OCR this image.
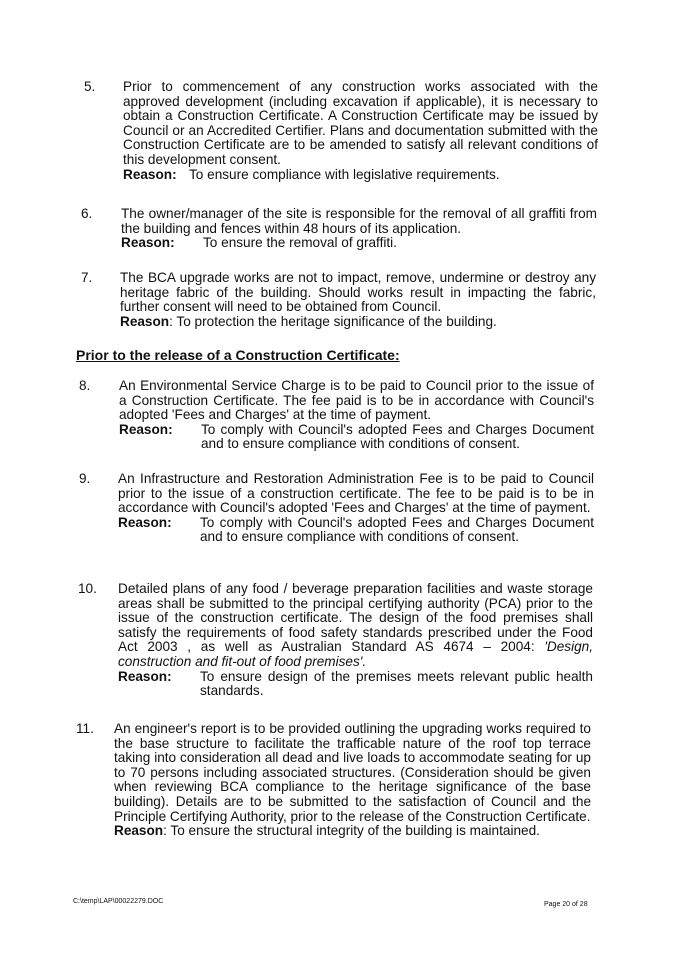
5. Prior to commencement of any construction works associated with the approved development (including excavation if applicable), it is necessary to obtain a Construction Certificate. A Construction Certificate may be issued by Council or an Accredited Certifier. Plans and documentation submitted with the Construction Certificate are to be amended to satisfy all relevant conditions of this development consent.
Reason: To ensure compliance with legislative requirements.
6. The owner/manager of the site is responsible for the removal of all graffiti from the building and fences within 48 hours of its application.
Reason:	To ensure the removal of graffiti.
7. The BCA upgrade works are not to impact, remove, undermine or destroy any heritage fabric of the building. Should works result in impacting the fabric, further consent will need to be obtained from Council.
Reason: To protection the heritage significance of the building.
Prior to the release of a Construction Certificate:
8. An Environmental Service Charge is to be paid to Council prior to the issue of a Construction Certificate. The fee paid is to be in accordance with Council's adopted 'Fees and Charges' at the time of payment.
Reason:	To comply with Council's adopted Fees and Charges Document and to ensure compliance with conditions of consent.
9. An Infrastructure and Restoration Administration Fee is to be paid to Council prior to the issue of a construction certificate. The fee to be paid is to be in accordance with Council's adopted 'Fees and Charges' at the time of payment.
Reason:	To comply with Council's adopted Fees and Charges Document and to ensure compliance with conditions of consent.
10. Detailed plans of any food / beverage preparation facilities and waste storage areas shall be submitted to the principal certifying authority (PCA) prior to the issue of the construction certificate. The design of the food premises shall satisfy the requirements of food safety standards prescribed under the Food Act 2003 , as well as Australian Standard AS 4674 – 2004: 'Design, construction and fit-out of food premises'.
Reason:	To ensure design of the premises meets relevant public health standards.
11. An engineer's report is to be provided outlining the upgrading works required to the base structure to facilitate the trafficable nature of the roof top terrace taking into consideration all dead and live loads to accommodate seating for up to 70 persons including associated structures. (Consideration should be given when reviewing BCA compliance to the heritage significance of the base building). Details are to be submitted to the satisfaction of Council and the Principle Certifying Authority, prior to the release of the Construction Certificate.
Reason: To ensure the structural integrity of the building is maintained.
C:\temp\LAP\00022279.DOC	Page 20 of 28
